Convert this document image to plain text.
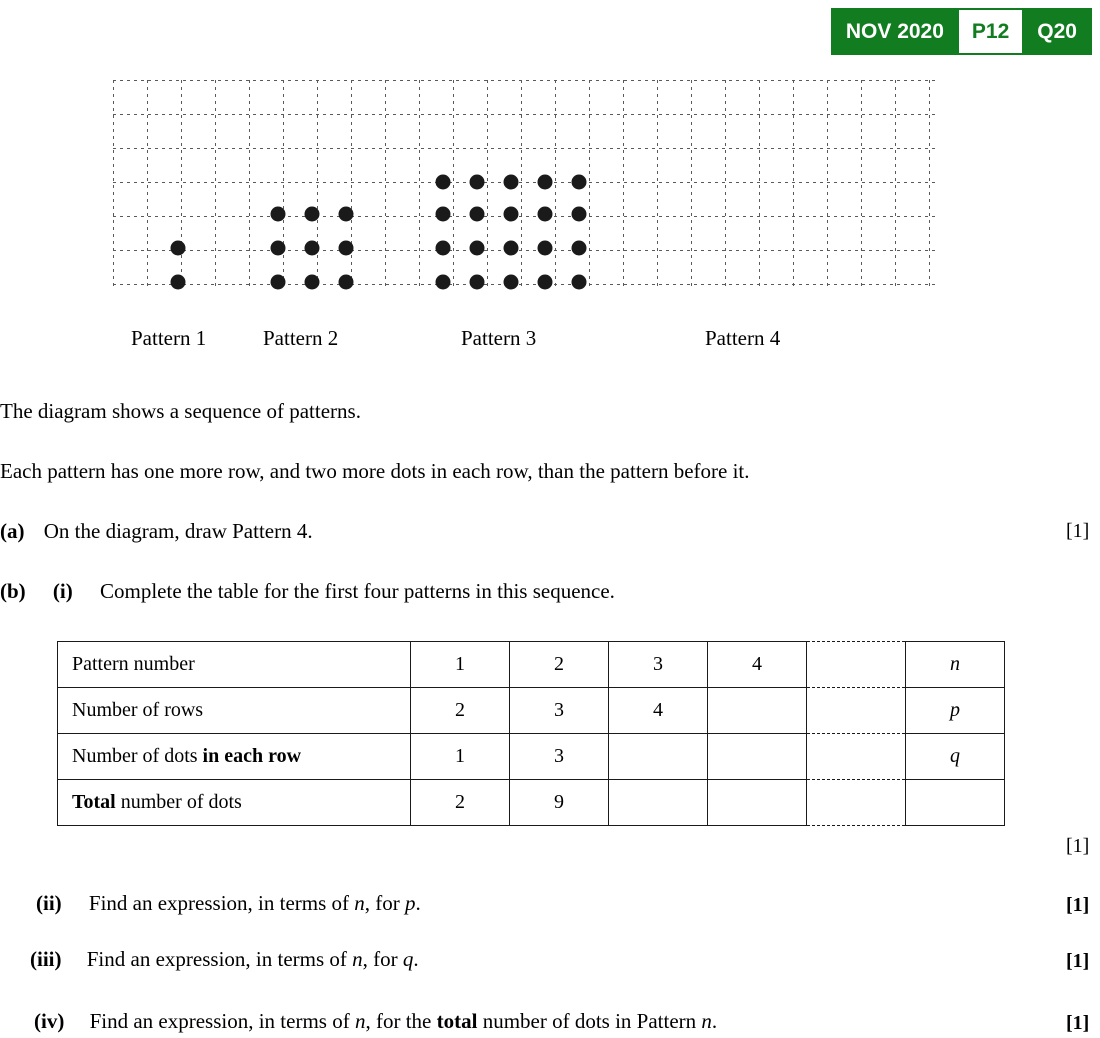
NOV 2020	P12	Q20
Pattern 1	Pattern 2	Pattern 3	Pattern 4
The diagram shows a sequence of patterns.
Each pattern has one more row, and two more dots in each row, than the pattern before it.
(a) On the diagram, draw Pattern 4.	[1]
(b) (i) Complete the table for the first four patterns in this sequence.
Pattern number	1	2	3	4		n
Number of rows	2	3	4			p
Number of dots in each row	1	3				q
Total number of dots	2	9				
[1]
(ii) Find an expression, in terms of n, for p.	[1]
(iii) Find an expression, in terms of n, for q.	[1]
(iv) Find an expression, in terms of n, for the total number of dots in Pattern n.	[1]
